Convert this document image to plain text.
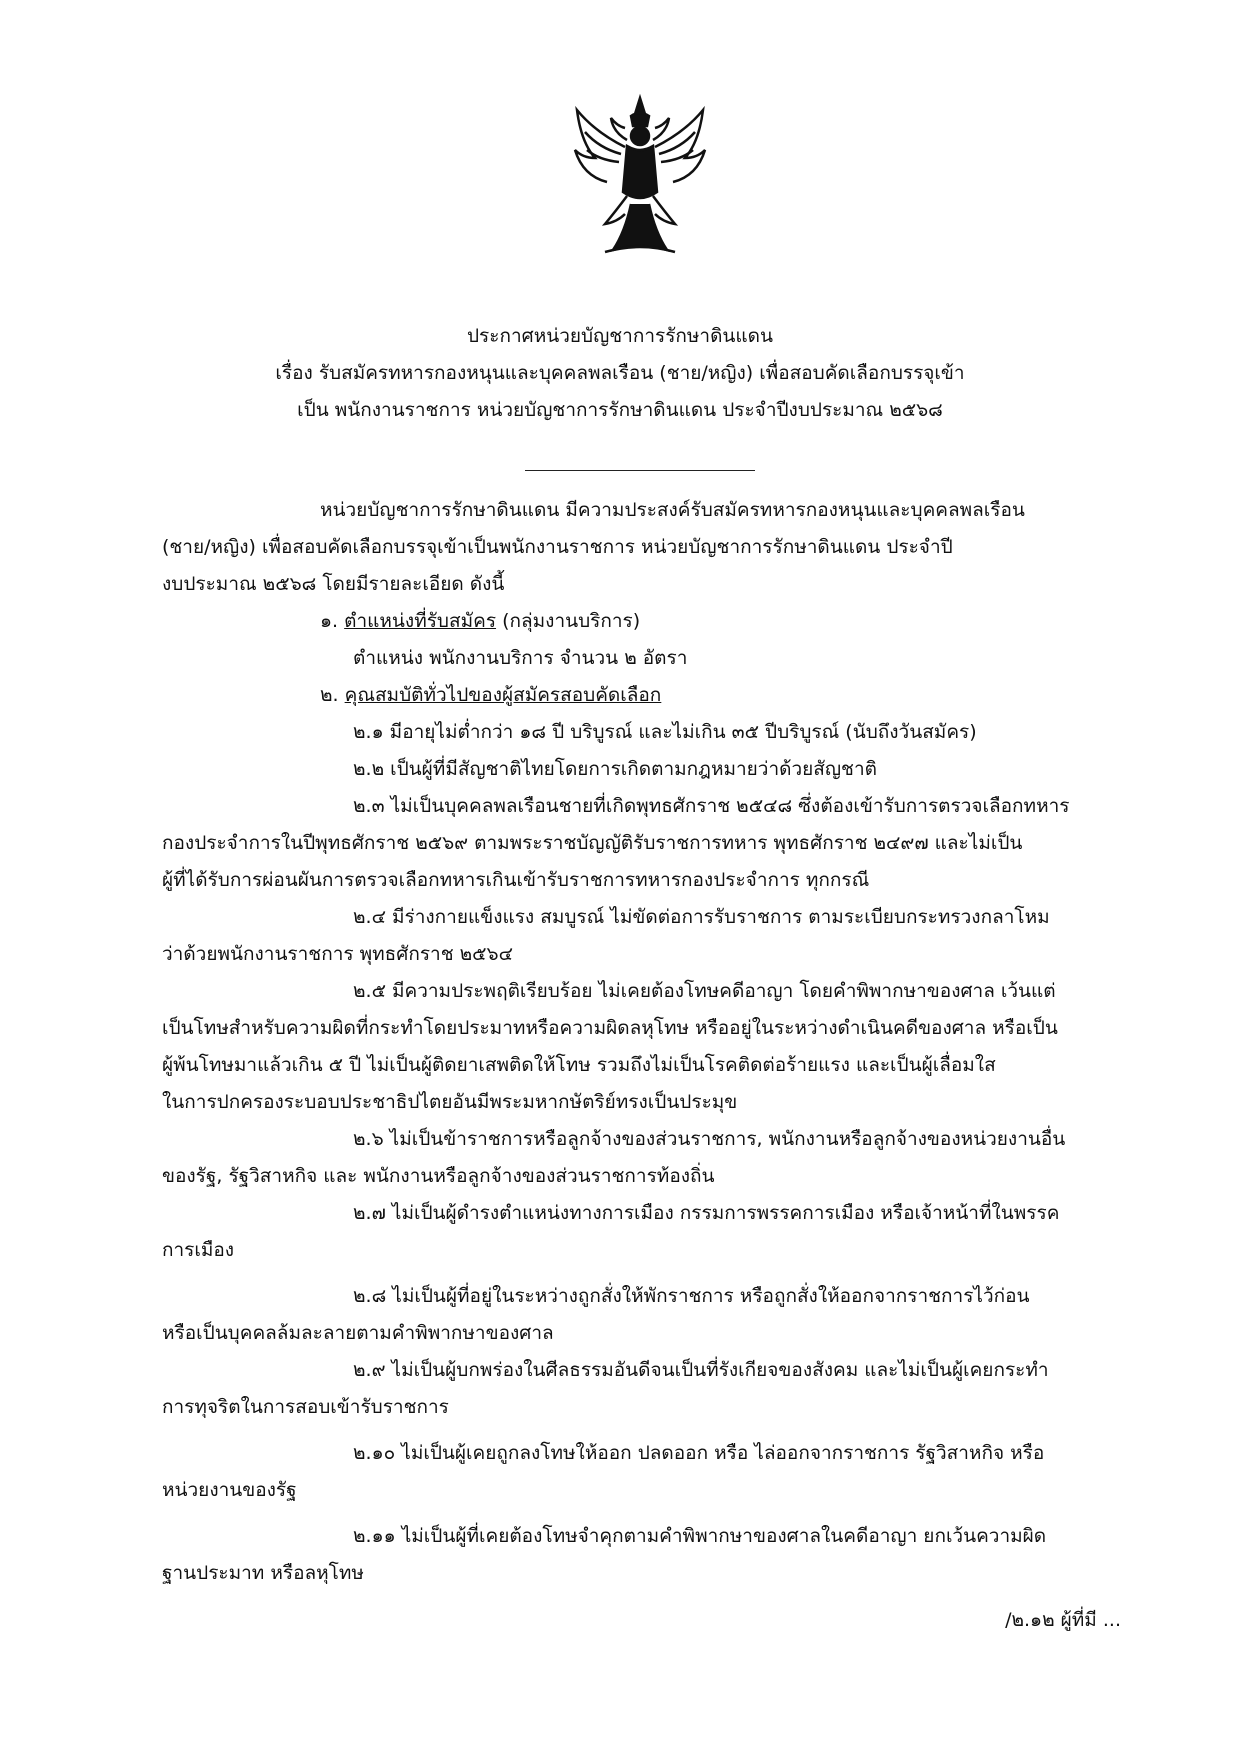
ประกาศหน่วยบัญชาการรักษาดินแดน
เรื่อง รับสมัครทหารกองหนุนและบุคคลพลเรือน (ชาย/หญิง) เพื่อสอบคัดเลือกบรรจุเข้า
เป็น พนักงานราชการ หน่วยบัญชาการรักษาดินแดน ประจำปีงบประมาณ ๒๕๖๘
หน่วยบัญชาการรักษาดินแดน มีความประสงค์รับสมัครทหารกองหนุนและบุคคลพลเรือน
(ชาย/หญิง) เพื่อสอบคัดเลือกบรรจุเข้าเป็นพนักงานราชการ หน่วยบัญชาการรักษาดินแดน ประจำปี
งบประมาณ ๒๕๖๘ โดยมีรายละเอียด ดังนี้
๑. ตำแหน่งที่รับสมัคร (กลุ่มงานบริการ)
ตำแหน่ง พนักงานบริการ จำนวน ๒ อัตรา
๒. คุณสมบัติทั่วไปของผู้สมัครสอบคัดเลือก
๒.๑ มีอายุไม่ต่ำกว่า ๑๘ ปี บริบูรณ์ และไม่เกิน ๓๕ ปีบริบูรณ์ (นับถึงวันสมัคร)
๒.๒ เป็นผู้ที่มีสัญชาติไทยโดยการเกิดตามกฎหมายว่าด้วยสัญชาติ
๒.๓ ไม่เป็นบุคคลพลเรือนชายที่เกิดพุทธศักราช ๒๕๔๘ ซึ่งต้องเข้ารับการตรวจเลือกทหาร
กองประจำการในปีพุทธศักราช ๒๕๖๙ ตามพระราชบัญญัติรับราชการทหาร พุทธศักราช ๒๔๙๗ และไม่เป็น
ผู้ที่ได้รับการผ่อนผันการตรวจเลือกทหารเกินเข้ารับราชการทหารกองประจำการ ทุกกรณี
๒.๔ มีร่างกายแข็งแรง สมบูรณ์ ไม่ขัดต่อการรับราชการ ตามระเบียบกระทรวงกลาโหม
ว่าด้วยพนักงานราชการ พุทธศักราช ๒๕๖๔
๒.๕ มีความประพฤติเรียบร้อย ไม่เคยต้องโทษคดีอาญา โดยคำพิพากษาของศาล เว้นแต่
เป็นโทษสำหรับความผิดที่กระทำโดยประมาทหรือความผิดลหุโทษ หรืออยู่ในระหว่างดำเนินคดีของศาล หรือเป็น
ผู้พ้นโทษมาแล้วเกิน ๕ ปี ไม่เป็นผู้ติดยาเสพติดให้โทษ รวมถึงไม่เป็นโรคติดต่อร้ายแรง และเป็นผู้เลื่อมใส
ในการปกครองระบอบประชาธิปไตยอันมีพระมหากษัตริย์ทรงเป็นประมุข
๒.๖ ไม่เป็นข้าราชการหรือลูกจ้างของส่วนราชการ, พนักงานหรือลูกจ้างของหน่วยงานอื่น
ของรัฐ, รัฐวิสาหกิจ และ พนักงานหรือลูกจ้างของส่วนราชการท้องถิ่น
๒.๗ ไม่เป็นผู้ดำรงตำแหน่งทางการเมือง กรรมการพรรคการเมือง หรือเจ้าหน้าที่ในพรรค
การเมือง
๒.๘ ไม่เป็นผู้ที่อยู่ในระหว่างถูกสั่งให้พักราชการ หรือถูกสั่งให้ออกจากราชการไว้ก่อน
หรือเป็นบุคคลล้มละลายตามคำพิพากษาของศาล
๒.๙ ไม่เป็นผู้บกพร่องในศีลธรรมอันดีจนเป็นที่รังเกียจของสังคม และไม่เป็นผู้เคยกระทำ
การทุจริตในการสอบเข้ารับราชการ
๒.๑๐ ไม่เป็นผู้เคยถูกลงโทษให้ออก ปลดออก หรือ ไล่ออกจากราชการ รัฐวิสาหกิจ หรือ
หน่วยงานของรัฐ
๒.๑๑ ไม่เป็นผู้ที่เคยต้องโทษจำคุกตามคำพิพากษาของศาลในคดีอาญา ยกเว้นความผิด
ฐานประมาท หรือลหุโทษ
/๒.๑๒ ผู้ที่มี ...
